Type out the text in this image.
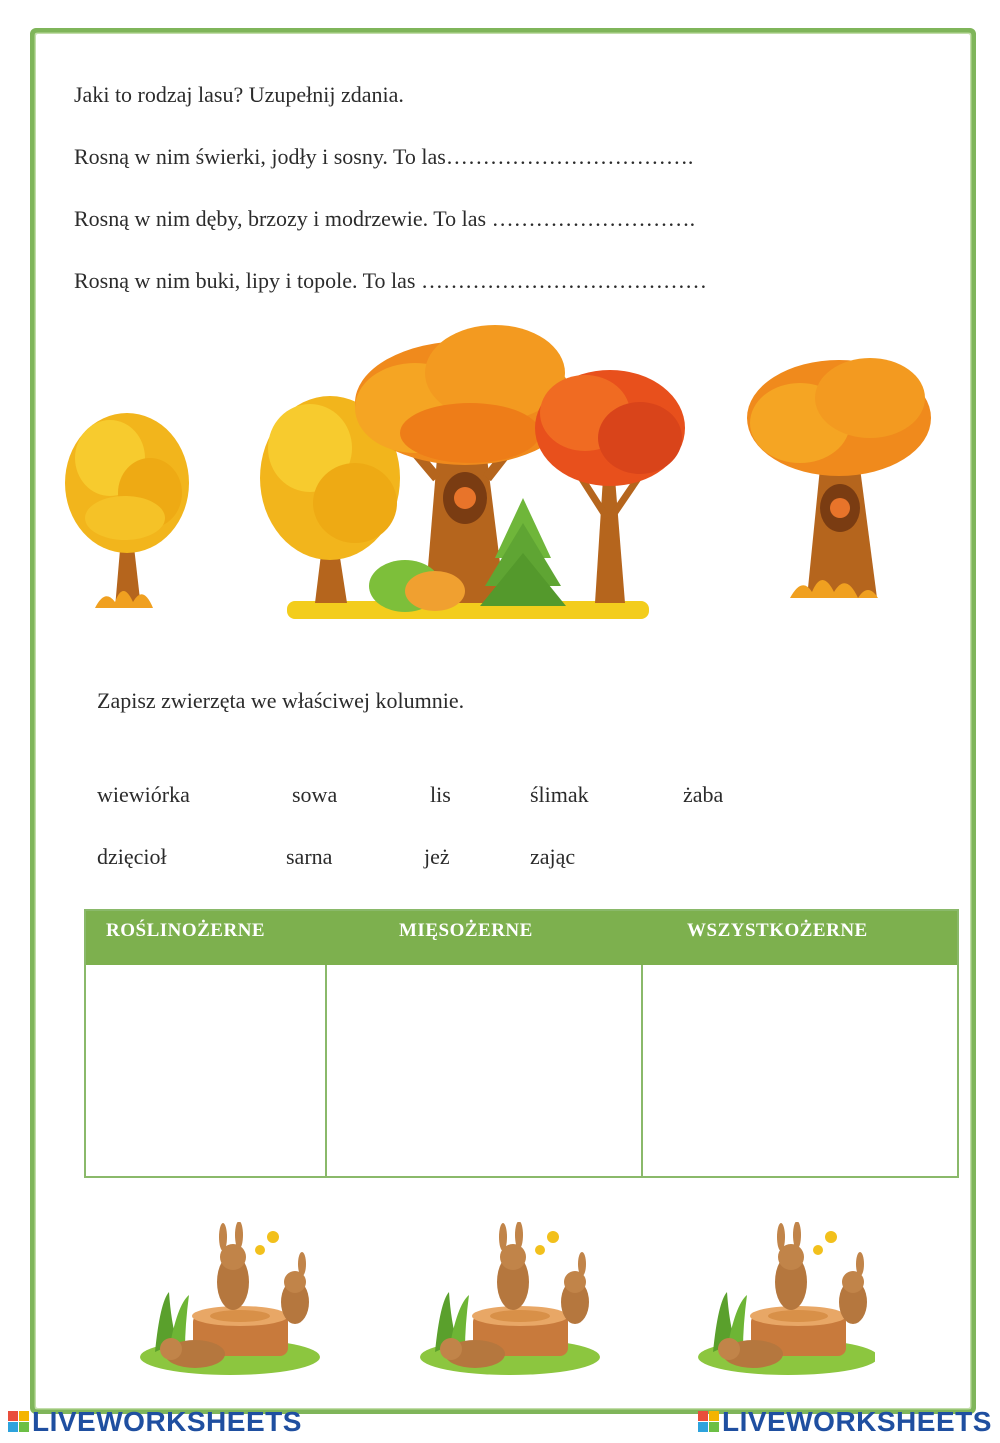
Jaki to rodzaj lasu? Uzupełnij zdania.
Rosną w nim świerki, jodły i sosny. To las…………………………….
Rosną w nim dęby, brzozy i modrzewie. To las ……………………….
Rosną w nim buki, lipy i topole. To las …………………………………
Zapisz zwierzęta we właściwej kolumnie.
wiewiórka	sowa	lis	ślimak	żaba
dzięcioł	sarna	jeż	zając
ROŚLINOŻERNE	MIĘSOŻERNE	WSZYSTKOŻERNE
LIVEWORKSHEETS	LIVEWORKSHEETS
